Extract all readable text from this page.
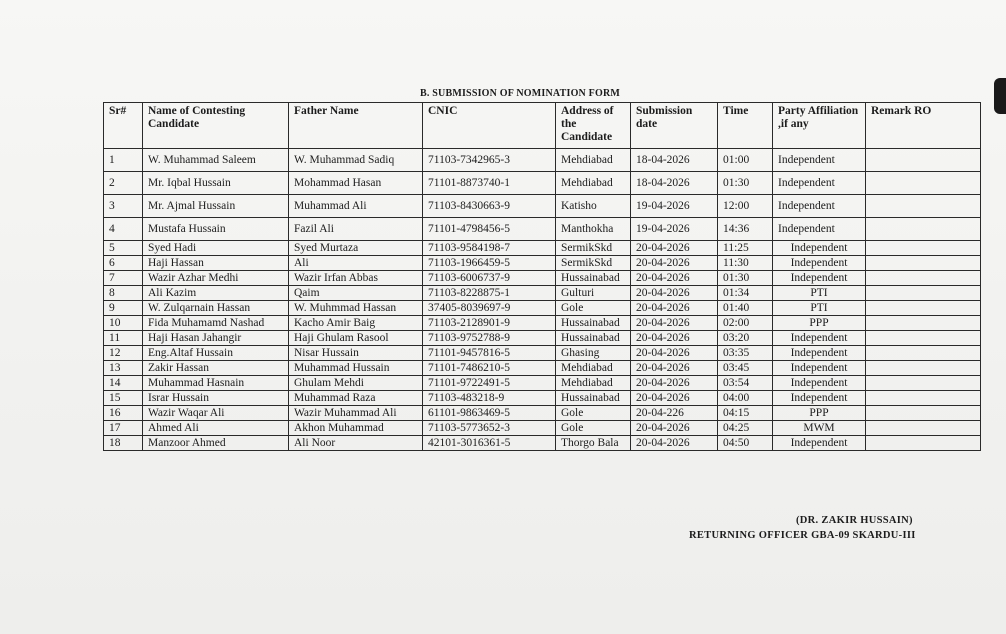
B. SUBMISSION OF NOMINATION FORM
Sr#	Name of Contesting Candidate	Father Name	CNIC	Address of the Candidate	Submission date	Time	Party Affiliation ,if any	Remark RO
1	W. Muhammad Saleem	W. Muhammad Sadiq	71103-7342965-3	Mehdiabad	18-04-2026	01:00	Independent	
2	Mr. Iqbal Hussain	Mohammad Hasan	71101-8873740-1	Mehdiabad	18-04-2026	01:30	Independent	
3	Mr. Ajmal Hussain	Muhammad Ali	71103-8430663-9	Katisho	19-04-2026	12:00	Independent	
4	Mustafa Hussain	Fazil Ali	71101-4798456-5	Manthokha	19-04-2026	14:36	Independent	
5	Syed Hadi	Syed Murtaza	71103-9584198-7	SermikSkd	20-04-2026	11:25	Independent	
6	Haji Hassan	Ali	71103-1966459-5	SermikSkd	20-04-2026	11:30	Independent	
7	Wazir Azhar Medhi	Wazir Irfan Abbas	71103-6006737-9	Hussainabad	20-04-2026	01:30	Independent	
8	Ali Kazim	Qaim	71103-8228875-1	Gulturi	20-04-2026	01:34	PTI	
9	W. Zulqarnain Hassan	W. Muhmmad Hassan	37405-8039697-9	Gole	20-04-2026	01:40	PTI	
10	Fida Muhamamd Nashad	Kacho Amir Baig	71103-2128901-9	Hussainabad	20-04-2026	02:00	PPP	
11	Haji Hasan Jahangir	Haji Ghulam Rasool	71103-9752788-9	Hussainabad	20-04-2026	03:20	Independent	
12	Eng.Altaf Hussain	Nisar Hussain	71101-9457816-5	Ghasing	20-04-2026	03:35	Independent	
13	Zakir Hassan	Muhammad Hussain	71101-7486210-5	Mehdiabad	20-04-2026	03:45	Independent	
14	Muhammad Hasnain	Ghulam Mehdi	71101-9722491-5	Mehdiabad	20-04-2026	03:54	Independent	
15	Israr Hussain	Muhammad Raza	71103-483218-9	Hussainabad	20-04-2026	04:00	Independent	
16	Wazir Waqar Ali	Wazir Muhammad Ali	61101-9863469-5	Gole	20-04-226	04:15	PPP	
17	Ahmed Ali	Akhon Muhammad	71103-5773652-3	Gole	20-04-2026	04:25	MWM	
18	Manzoor Ahmed	Ali Noor	42101-3016361-5	Thorgo Bala	20-04-2026	04:50	Independent	
(DR. ZAKIR HUSSAIN)
RETURNING OFFICER GBA-09 SKARDU-III
